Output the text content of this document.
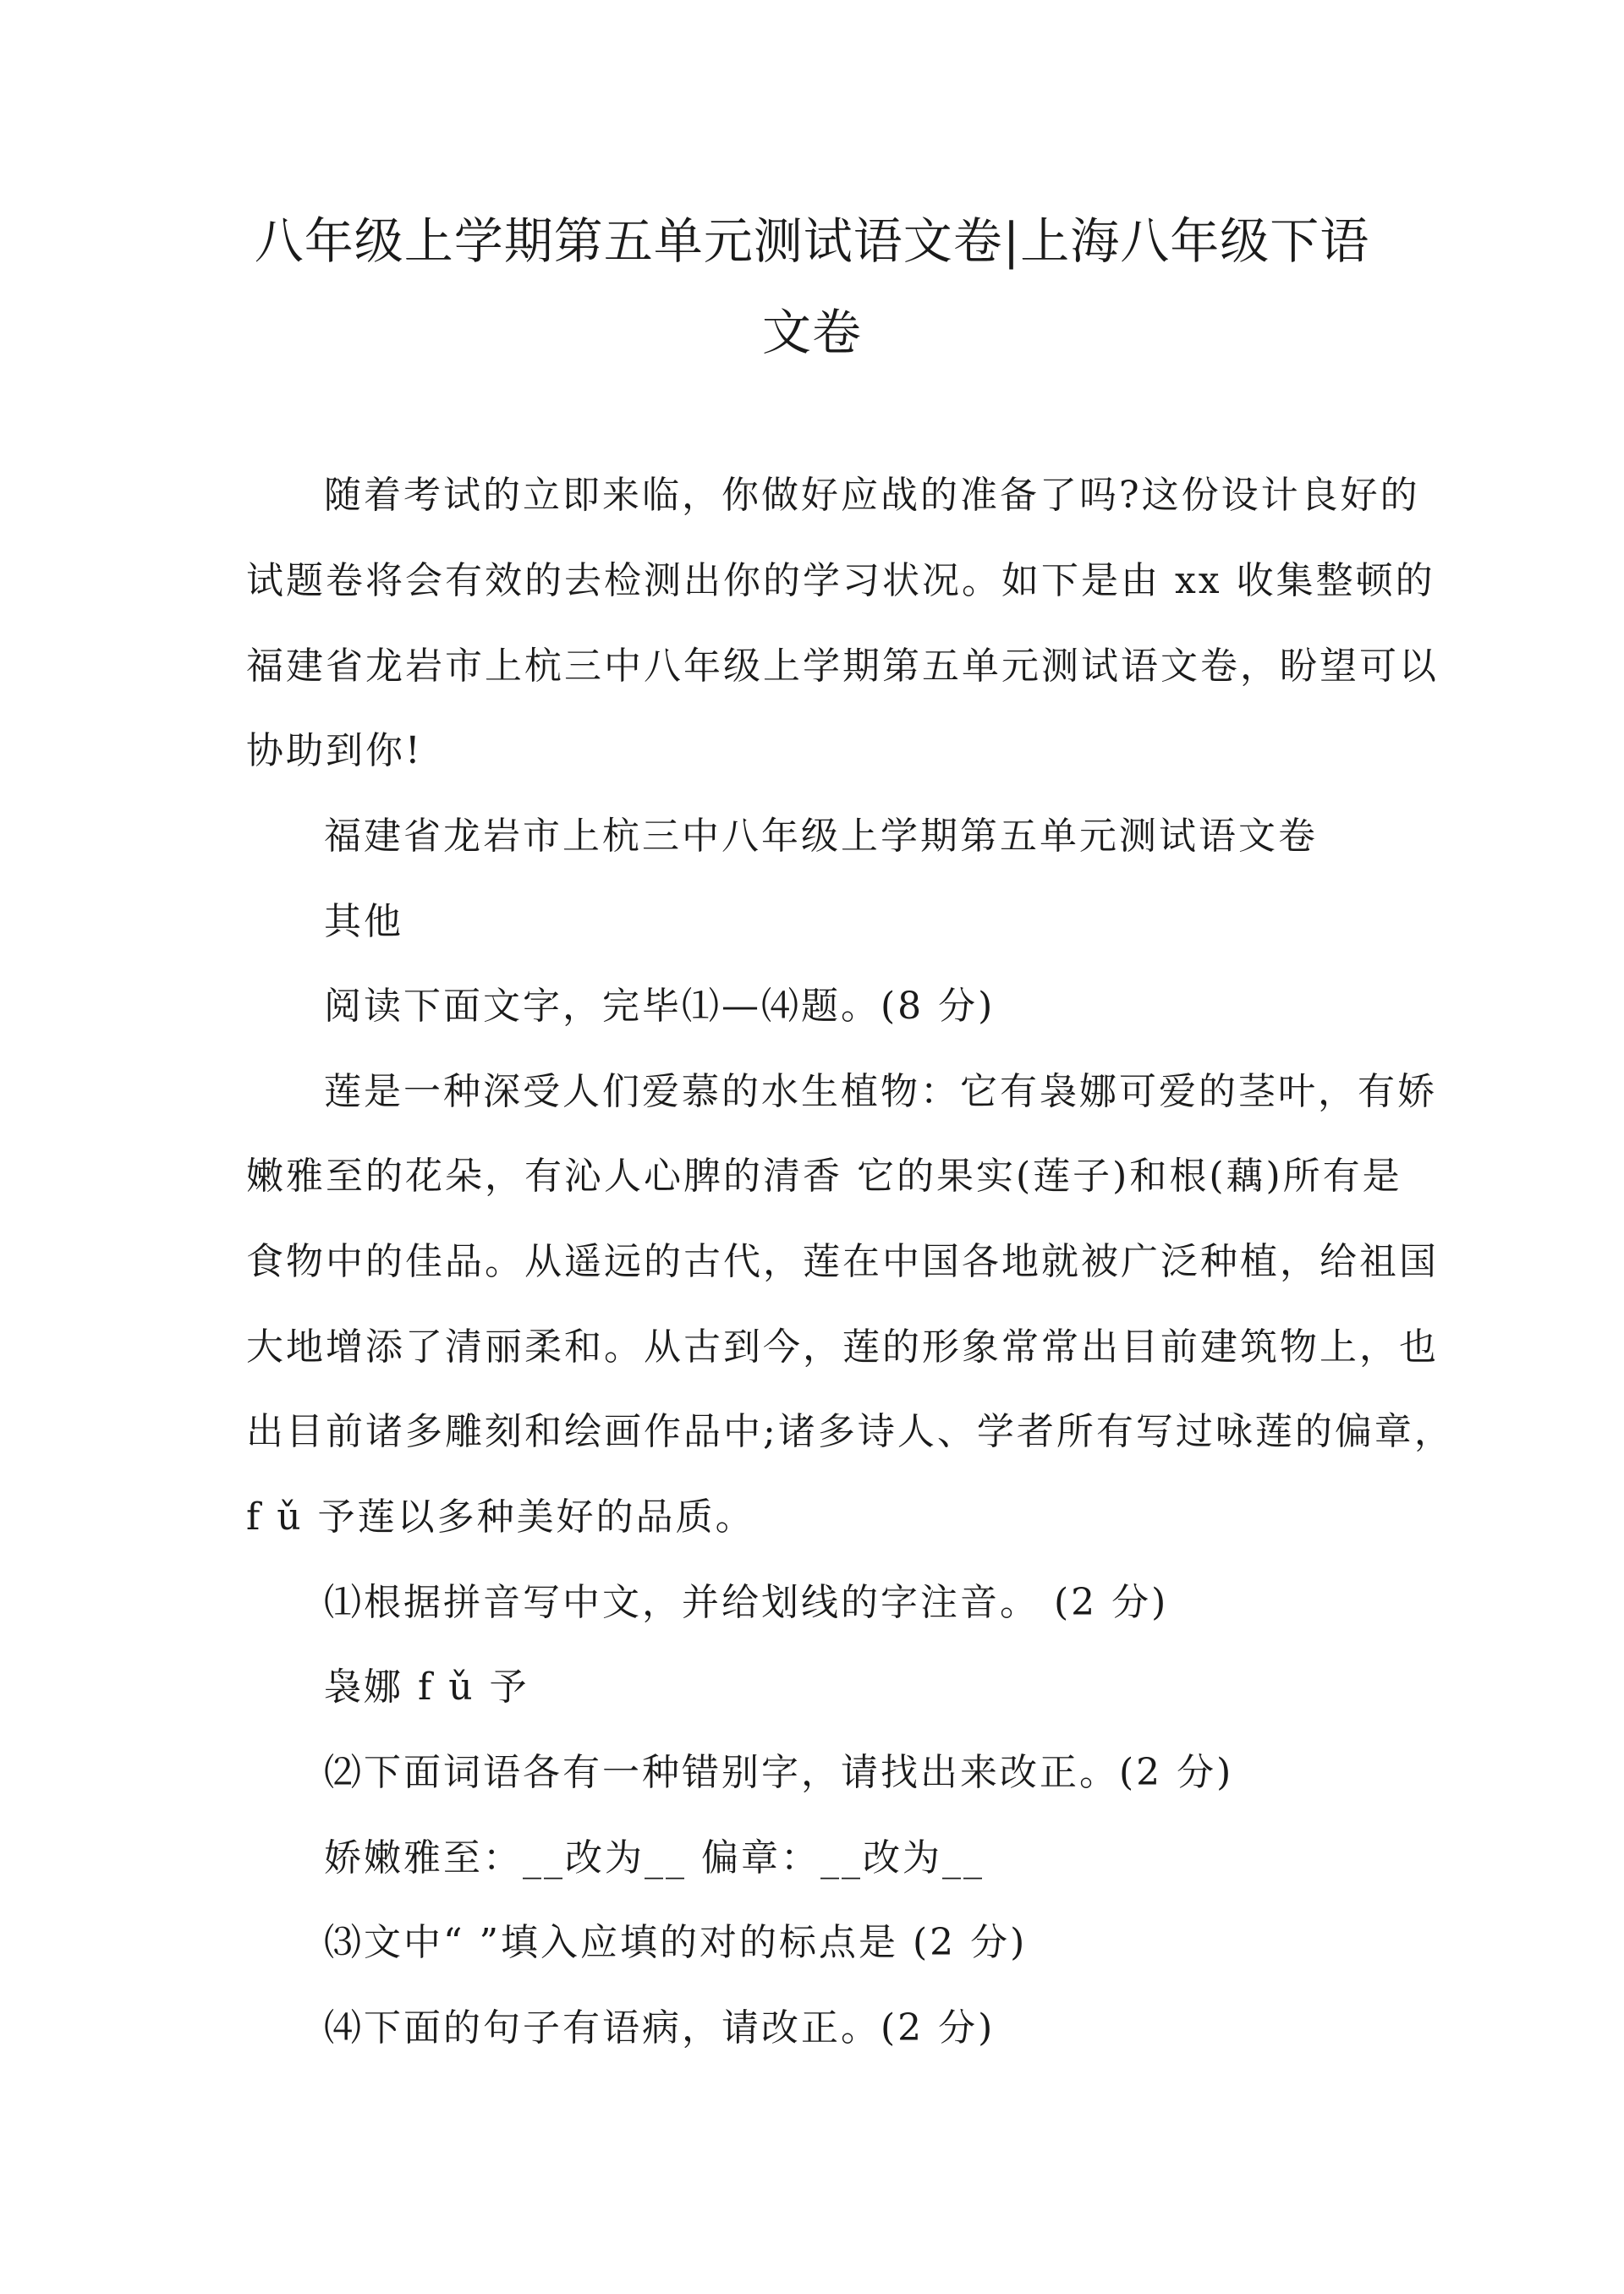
八年级上学期第五单元测试语文卷|上海八年级下语
文卷
随着考试的立即来临，你做好应战的准备了吗?这份设计良好的
试题卷将会有效的去检测出你的学习状况。如下是由 xx 收集整顿的
福建省龙岩市上杭三中八年级上学期第五单元测试语文卷，盼望可以
协助到你!
福建省龙岩市上杭三中八年级上学期第五单元测试语文卷
其他
阅读下面文字，完毕⑴—⑷题。(8 分)
莲是一种深受人们爱慕的水生植物：它有袅娜可爱的茎叶，有娇
嫩雅至的花朵，有沁人心脾的清香 它的果实(莲子)和根(藕)所有是
食物中的佳品。从遥远的古代，莲在中国各地就被广泛种植，给祖国
大地增添了清丽柔和。从古到今，莲的形象常常出目前建筑物上，也
出目前诸多雕刻和绘画作品中;诸多诗人、学者所有写过咏莲的偏章，
f ǔ 予莲以多种美好的品质。
⑴根据拼音写中文，并给划线的字注音。 (2 分)
袅娜 f ǔ 予
⑵下面词语各有一种错别字，请找出来改正。(2 分)
娇嫩雅至：__改为__ 偏章：__改为__
⑶文中“ ”填入应填的对的标点是 (2 分)
⑷下面的句子有语病，请改正。(2 分)
